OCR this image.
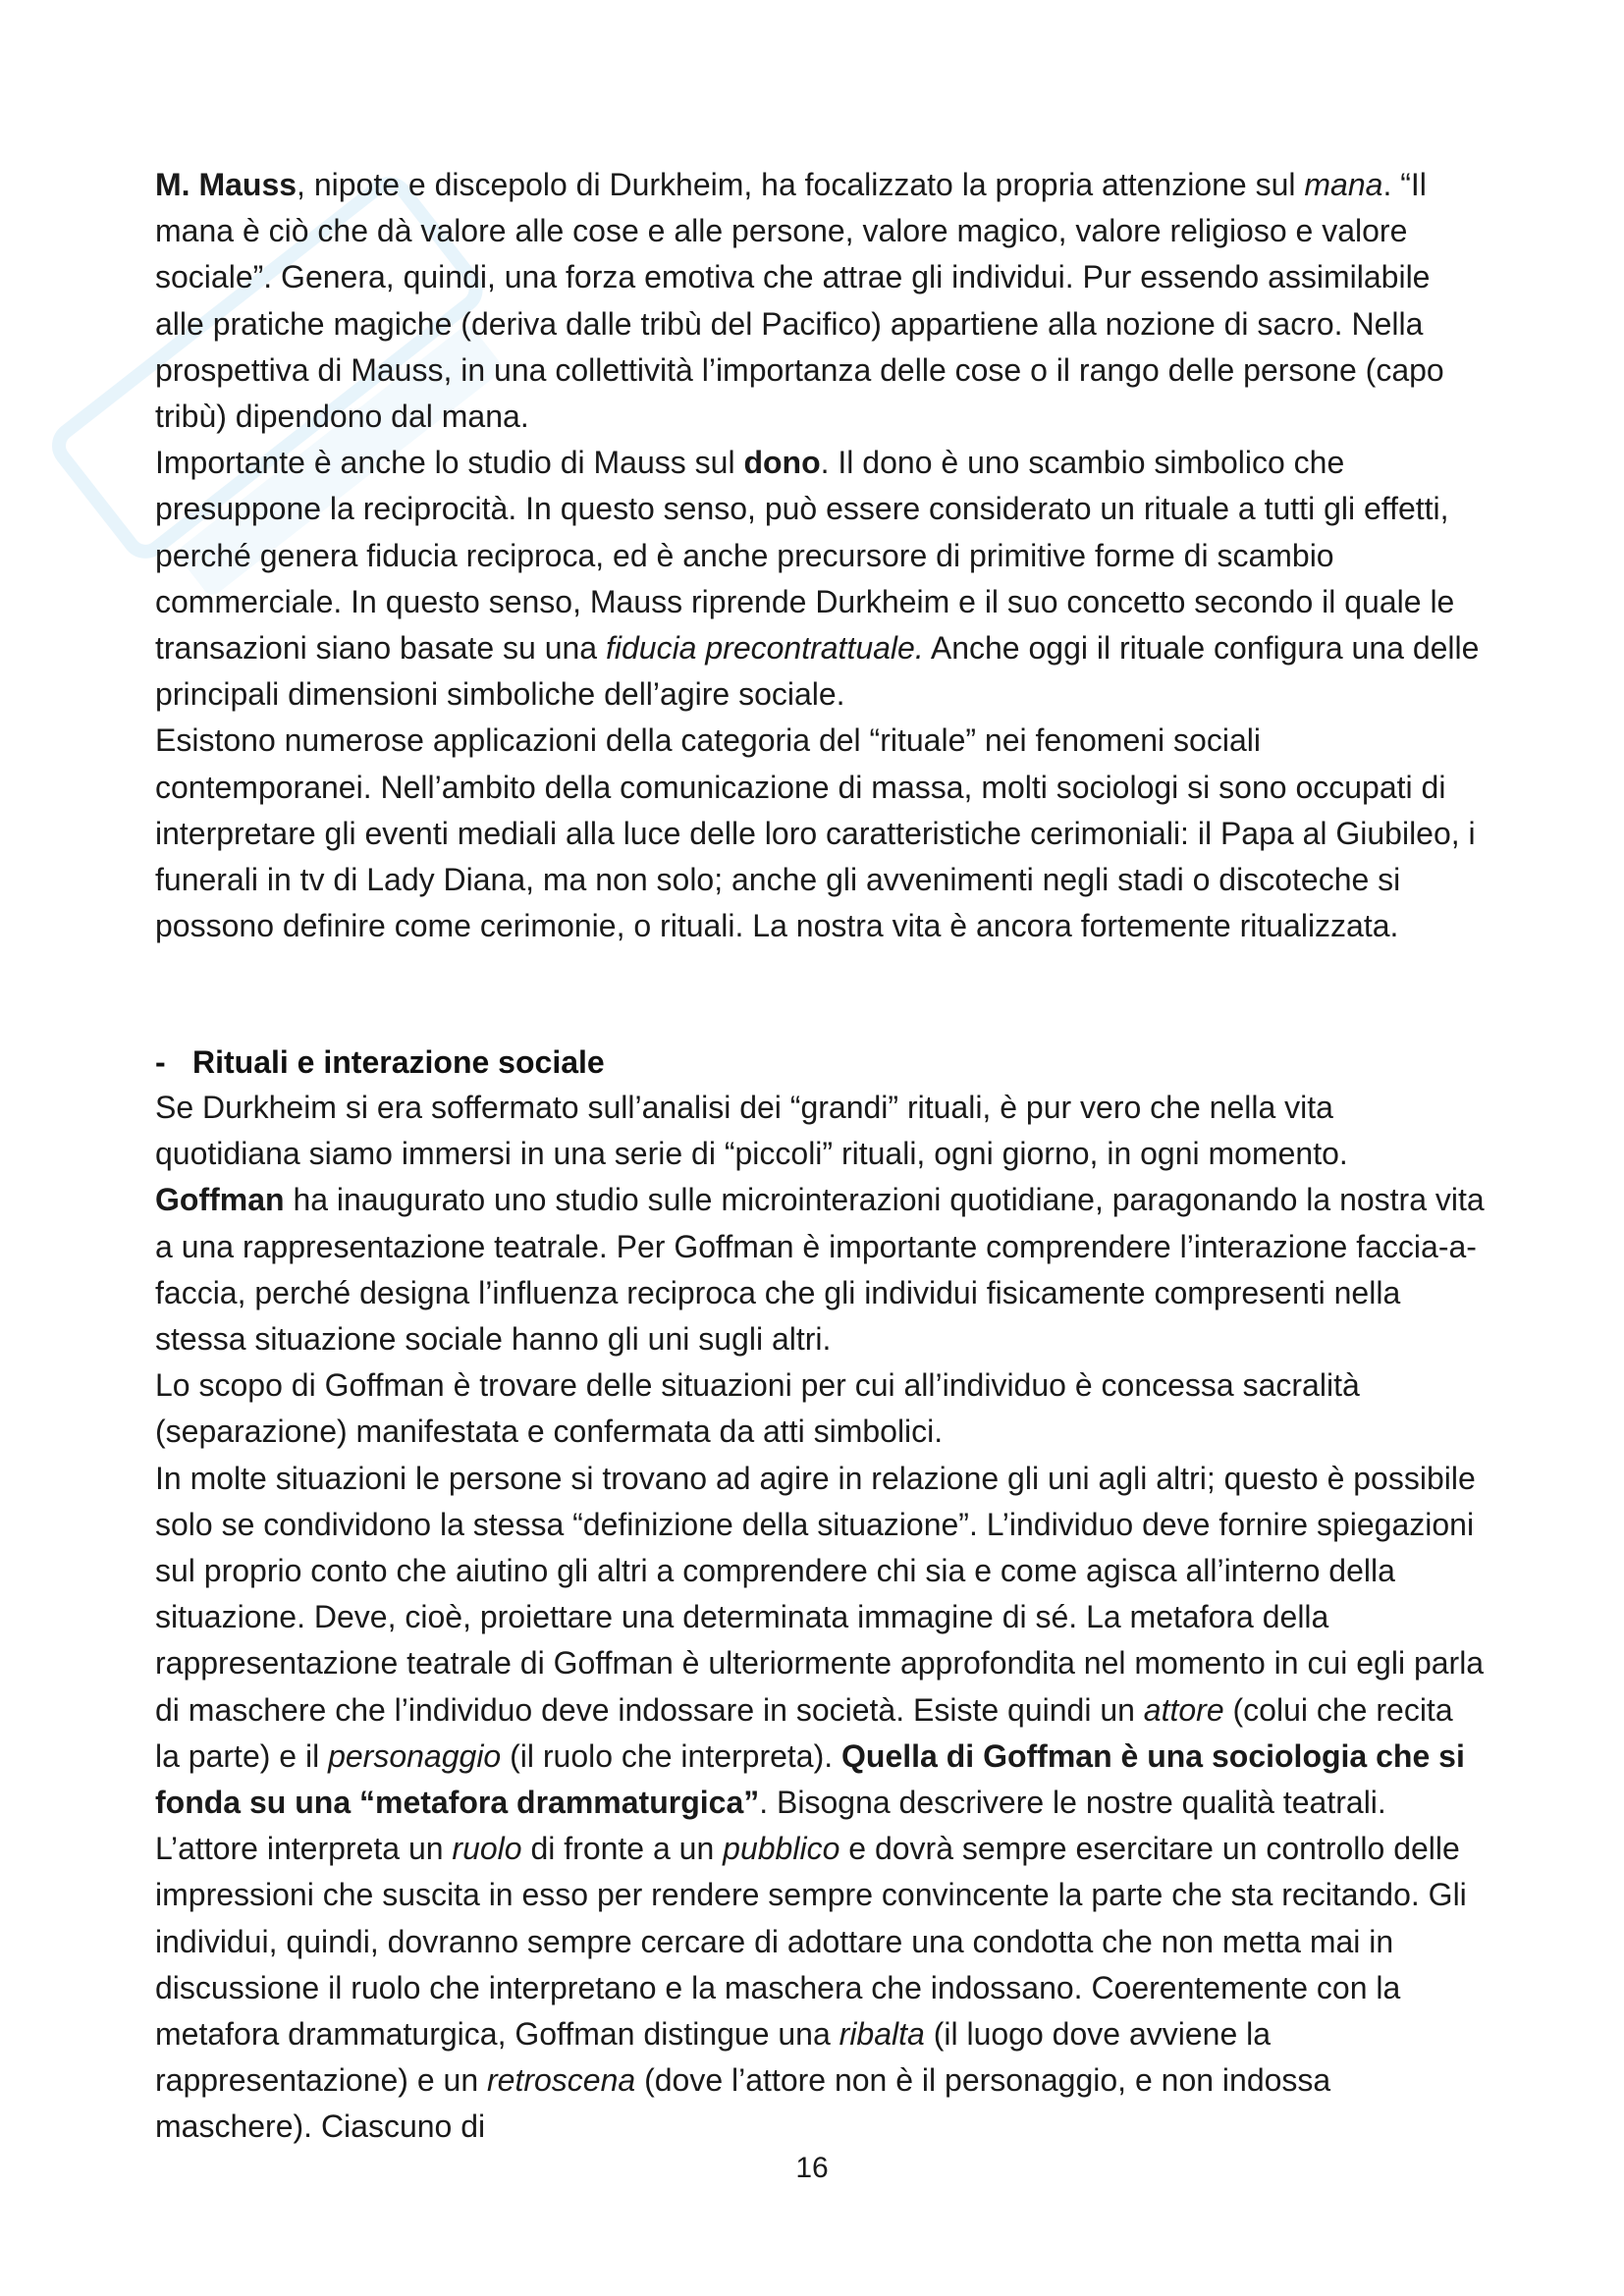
M. Mauss, nipote e discepolo di Durkheim, ha focalizzato la propria attenzione sul mana. “Il mana è ciò che dà valore alle cose e alle persone, valore magico, valore religioso e valore sociale”. Genera, quindi, una forza emotiva che attrae gli individui. Pur essendo assimilabile alle pratiche magiche (deriva dalle tribù del Pacifico) appartiene alla nozione di sacro. Nella prospettiva di Mauss, in una collettività l’importanza delle cose o il rango delle persone (capo tribù) dipendono dal mana.

Importante è anche lo studio di Mauss sul dono. Il dono è uno scambio simbolico che presuppone la reciprocità. In questo senso, può essere considerato un rituale a tutti gli effetti, perché genera fiducia reciproca, ed è anche precursore di primitive forme di scambio commerciale. In questo senso, Mauss riprende Durkheim e il suo concetto secondo il quale le transazioni siano basate su una fiducia precontrattuale. Anche oggi il rituale configura una delle principali dimensioni simboliche dell’agire sociale.

Esistono numerose applicazioni della categoria del “rituale” nei fenomeni sociali contemporanei. Nell’ambito della comunicazione di massa, molti sociologi si sono occupati di interpretare gli eventi mediali alla luce delle loro caratteristiche cerimoniali: il Papa al Giubileo, i funerali in tv di Lady Diana, ma non solo; anche gli avvenimenti negli stadi o discoteche si possono definire come cerimonie, o rituali. La nostra vita è ancora fortemente ritualizzata.

- Rituali e interazione sociale

Se Durkheim si era soffermato sull’analisi dei “grandi” rituali, è pur vero che nella vita quotidiana siamo immersi in una serie di “piccoli” rituali, ogni giorno, in ogni momento. Goffman ha inaugurato uno studio sulle microinterazioni quotidiane, paragonando la nostra vita a una rappresentazione teatrale. Per Goffman è importante comprendere l’interazione faccia-a-faccia, perché designa l’influenza reciproca che gli individui fisicamente compresenti nella stessa situazione sociale hanno gli uni sugli altri.

Lo scopo di Goffman è trovare delle situazioni per cui all’individuo è concessa sacralità (separazione) manifestata e confermata da atti simbolici.

In molte situazioni le persone si trovano ad agire in relazione gli uni agli altri; questo è possibile solo se condividono la stessa “definizione della situazione”. L’individuo deve fornire spiegazioni sul proprio conto che aiutino gli altri a comprendere chi sia e come agisca all’interno della situazione. Deve, cioè, proiettare una determinata immagine di sé. La metafora della rappresentazione teatrale di Goffman è ulteriormente approfondita nel momento in cui egli parla di maschere che l’individuo deve indossare in società. Esiste quindi un attore (colui che recita la parte) e il personaggio (il ruolo che interpreta). Quella di Goffman è una sociologia che si fonda su una “metafora drammaturgica”. Bisogna descrivere le nostre qualità teatrali. L’attore interpreta un ruolo di fronte a un pubblico e dovrà sempre esercitare un controllo delle impressioni che suscita in esso per rendere sempre convincente la parte che sta recitando. Gli individui, quindi, dovranno sempre cercare di adottare una condotta che non metta mai in discussione il ruolo che interpretano e la maschera che indossano. Coerentemente con la metafora drammaturgica, Goffman distingue una ribalta (il luogo dove avviene la rappresentazione) e un retroscena (dove l’attore non è il personaggio, e non indossa maschere). Ciascuno di

16
